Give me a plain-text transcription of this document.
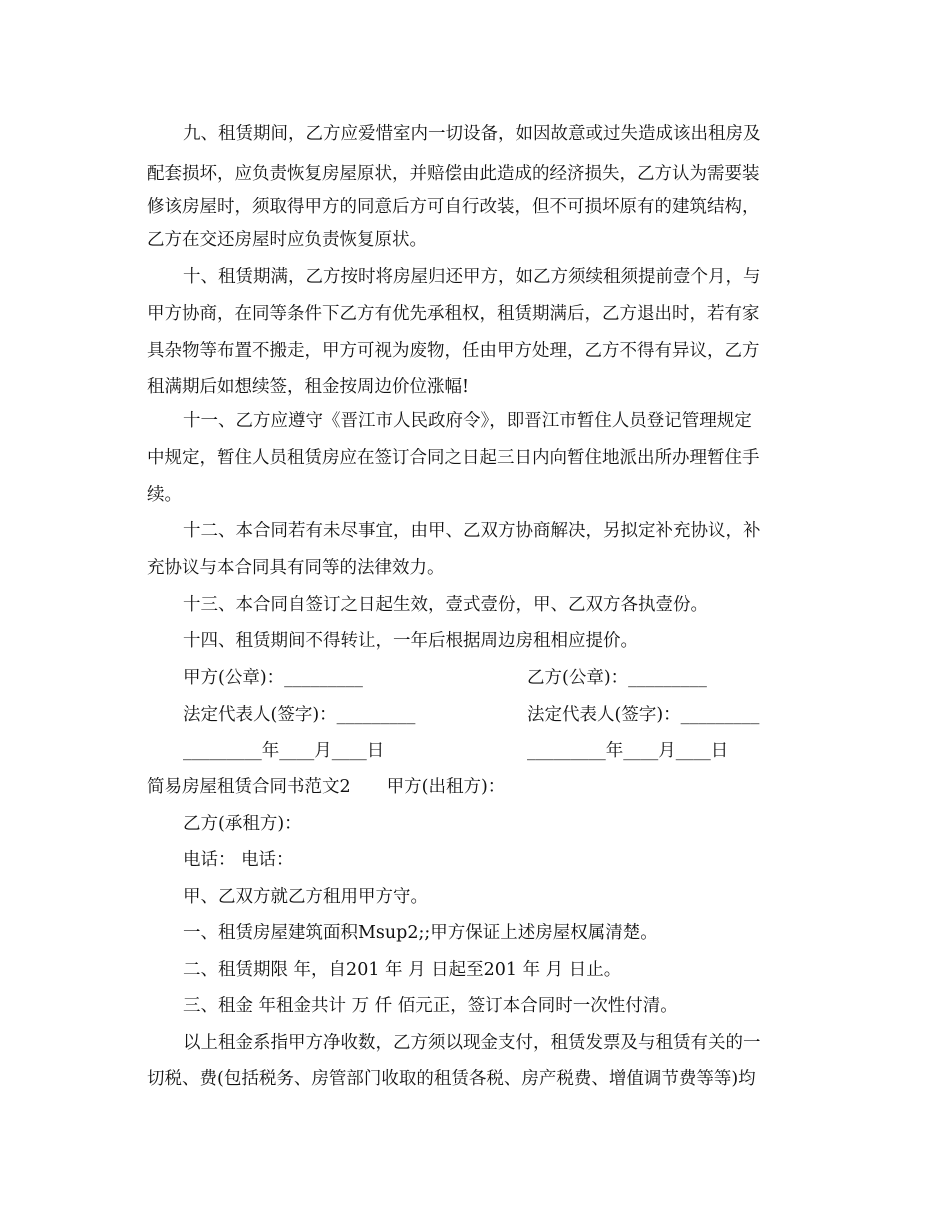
九、租赁期间，乙方应爱惜室内一切设备，如因故意或过失造成该出租房及
配套损坏，应负责恢复房屋原状，并赔偿由此造成的经济损失，乙方认为需要装
修该房屋时，须取得甲方的同意后方可自行改装，但不可损坏原有的建筑结构，
乙方在交还房屋时应负责恢复原状。
十、租赁期满，乙方按时将房屋归还甲方，如乙方须续租须提前壹个月，与
甲方协商，在同等条件下乙方有优先承租权，租赁期满后，乙方退出时，若有家
具杂物等布置不搬走，甲方可视为废物，任由甲方处理，乙方不得有异议，乙方
租满期后如想续签，租金按周边价位涨幅!
十一、乙方应遵守《晋江市人民政府令》，即晋江市暂住人员登记管理规定
中规定，暂住人员租赁房应在签订合同之日起三日内向暂住地派出所办理暂住手
续。
十二、本合同若有未尽事宜，由甲、乙双方协商解决，另拟定补充协议，补
充协议与本合同具有同等的法律效力。
十三、本合同自签订之日起生效，壹式壹份，甲、乙双方各执壹份。
十四、租赁期间不得转让，一年后根据周边房租相应提价。
甲方(公章)：_________	乙方(公章)：_________
法定代表人(签字)：_________	法定代表人(签字)：_________
_________年____月____日	_________年____月____日
简易房屋租赁合同书范文2 甲方(出租方)：
乙方(承租方)：
电话： 电话：
甲、乙双方就乙方租用甲方守。
一、租赁房屋建筑面积Msup2;;甲方保证上述房屋权属清楚。
二、租赁期限 年，自201 年 月 日起至201 年 月 日止。
三、租金 年租金共计 万 仟 佰元正，签订本合同时一次性付清。
以上租金系指甲方净收数，乙方须以现金支付，租赁发票及与租赁有关的一
切税、费(包括税务、房管部门收取的租赁各税、房产税费、增值调节费等等)均
